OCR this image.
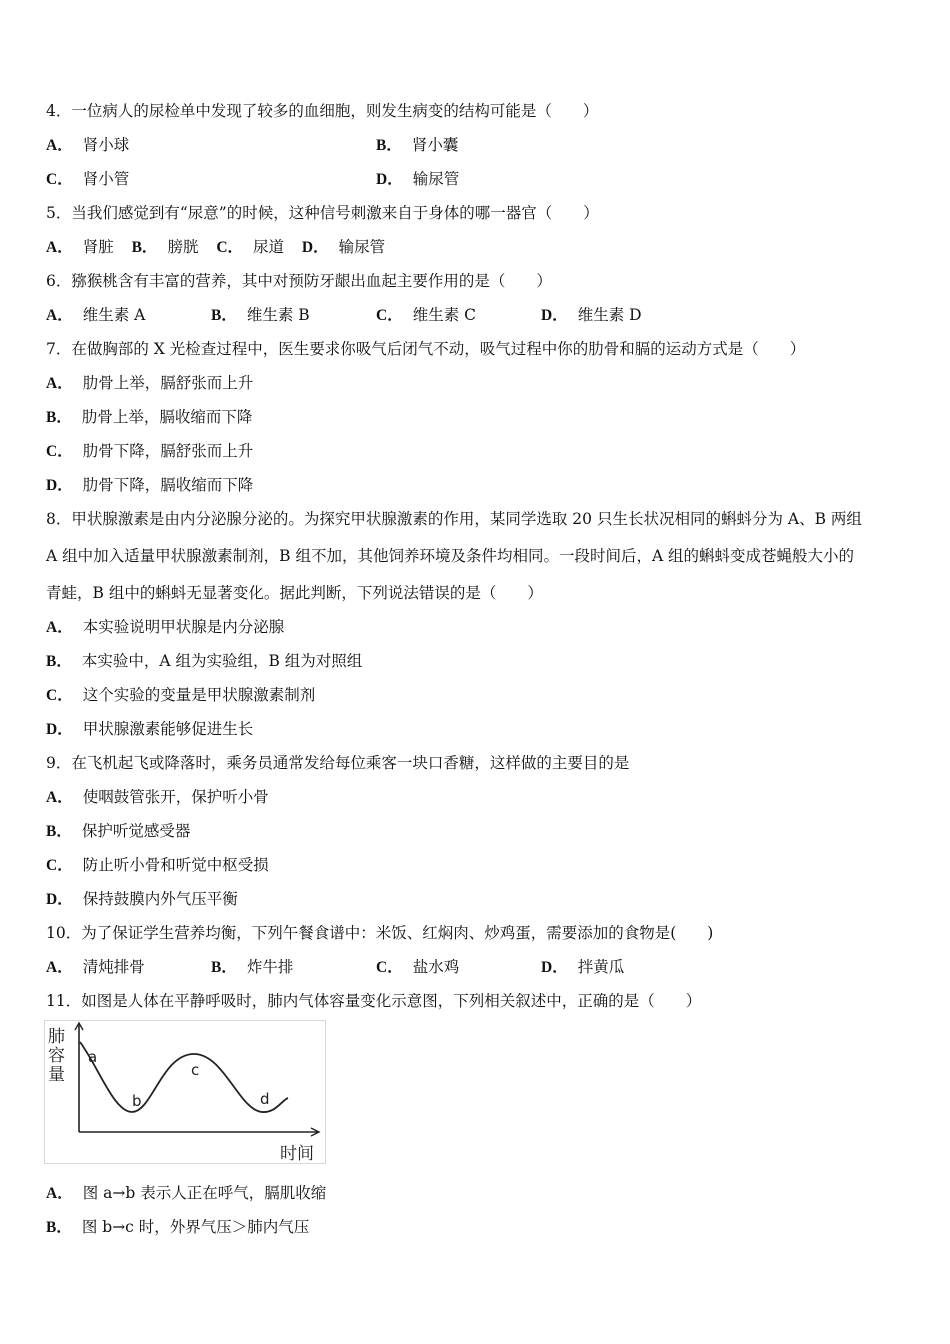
4．一位病人的尿检单中发现了较多的血细胞，则发生病变的结构可能是（　　）
A． 肾小球	B． 肾小囊
C． 肾小管	D． 输尿管
5．当我们感觉到有“尿意”的时候，这种信号刺激来自于身体的哪一器官（　　）
A． 肾脏 B． 膀胱 C． 尿道 D． 输尿管
6．猕猴桃含有丰富的营养，其中对预防牙龈出血起主要作用的是（　　）
A． 维生素 A	B． 维生素 B	C． 维生素 C	D． 维生素 D
7．在做胸部的 X 光检查过程中，医生要求你吸气后闭气不动，吸气过程中你的肋骨和膈的运动方式是（　　）
A． 肋骨上举，膈舒张而上升
B． 肋骨上举，膈收缩而下降
C． 肋骨下降，膈舒张而上升
D． 肋骨下降，膈收缩而下降
8．甲状腺激素是由内分泌腺分泌的。为探究甲状腺激素的作用，某同学选取 20 只生长状况相同的蝌蚪分为 A、B 两组
A 组中加入适量甲状腺激素制剂，B 组不加，其他饲养环境及条件均相同。一段时间后，A 组的蝌蚪变成苍蝇般大小的
青蛙，B 组中的蝌蚪无显著变化。据此判断，下列说法错误的是（　　）
A． 本实验说明甲状腺是内分泌腺
B． 本实验中，A 组为实验组，B 组为对照组
C． 这个实验的变量是甲状腺激素制剂
D． 甲状腺激素能够促进生长
9．在飞机起飞或降落时，乘务员通常发给每位乘客一块口香糖，这样做的主要目的是
A． 使咽鼓管张开，保护听小骨
B． 保护听觉感受器
C． 防止听小骨和听觉中枢受损
D． 保持鼓膜内外气压平衡
10．为了保证学生营养均衡，下列午餐食谱中：米饭、红焖肉、炒鸡蛋，需要添加的食物是(　　)
A． 清炖排骨	B． 炸牛排	C． 盐水鸡	D． 拌黄瓜
11．如图是人体在平静呼吸时，肺内气体容量变化示意图，下列相关叙述中，正确的是（　　）
肺
容
量
a
b
c
d
时间
A． 图 a→b 表示人正在呼气，膈肌收缩
B． 图 b→c 时，外界气压＞肺内气压
